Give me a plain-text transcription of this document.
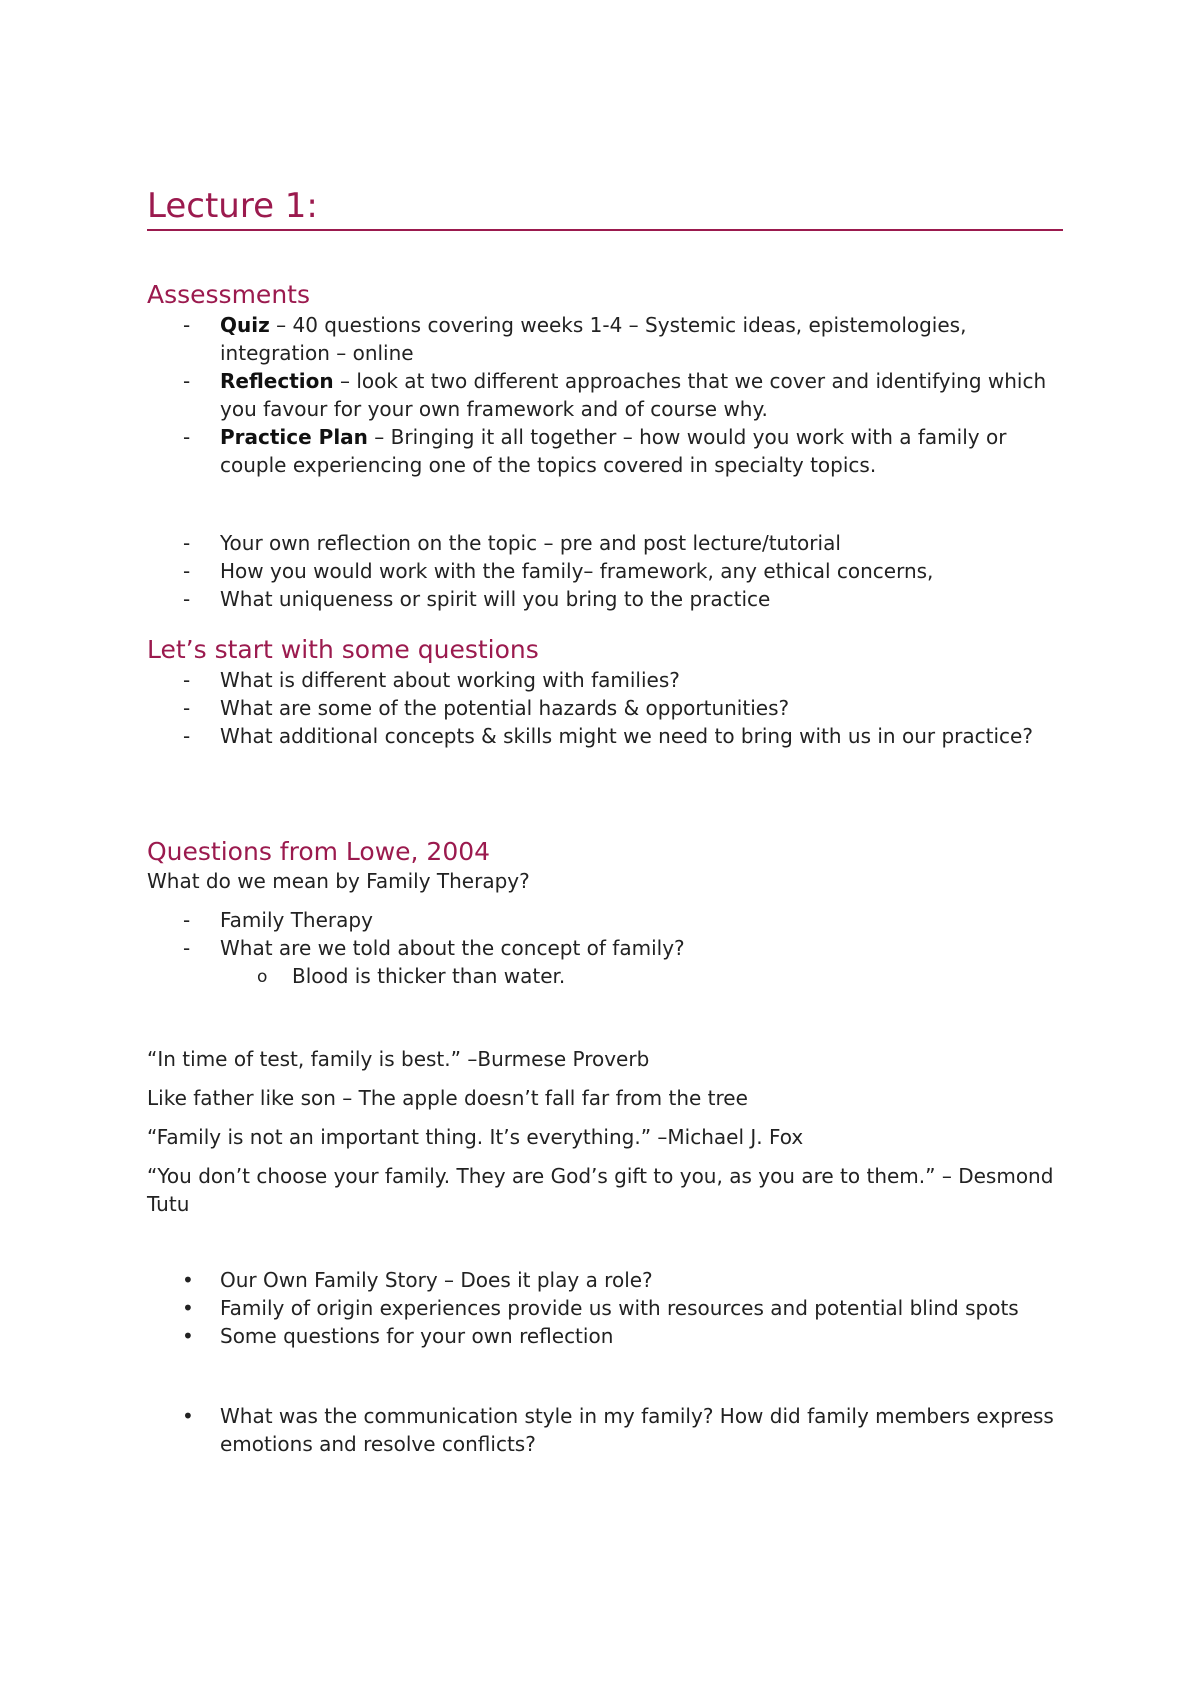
Lecture 1:
Assessments
- Quiz – 40 questions covering weeks 1-4 – Systemic ideas, epistemologies, integration – online
- Reflection – look at two different approaches that we cover and identifying which you favour for your own framework and of course why.
- Practice Plan – Bringing it all together – how would you work with a family or couple experiencing one of the topics covered in specialty topics.
- Your own reflection on the topic – pre and post lecture/tutorial
- How you would work with the family– framework, any ethical concerns,
- What uniqueness or spirit will you bring to the practice
Let’s start with some questions
- What is different about working with families?
- What are some of the potential hazards & opportunities?
- What additional concepts & skills might we need to bring with us in our practice?
Questions from Lowe, 2004

What do we mean by Family Therapy?

- Family Therapy
- What are we told about the concept of family?
o Blood is thicker than water.

“In time of test, family is best.” –Burmese Proverb

Like father like son – The apple doesn’t fall far from the tree

“Family is not an important thing. It’s everything.” –Michael J. Fox

“You don’t choose your family. They are God’s gift to you, as you are to them.” – Desmond Tutu

• Our Own Family Story – Does it play a role?
• Family of origin experiences provide us with resources and potential blind spots
• Some questions for your own reflection
• What was the communication style in my family? How did family members express emotions and resolve conflicts?
